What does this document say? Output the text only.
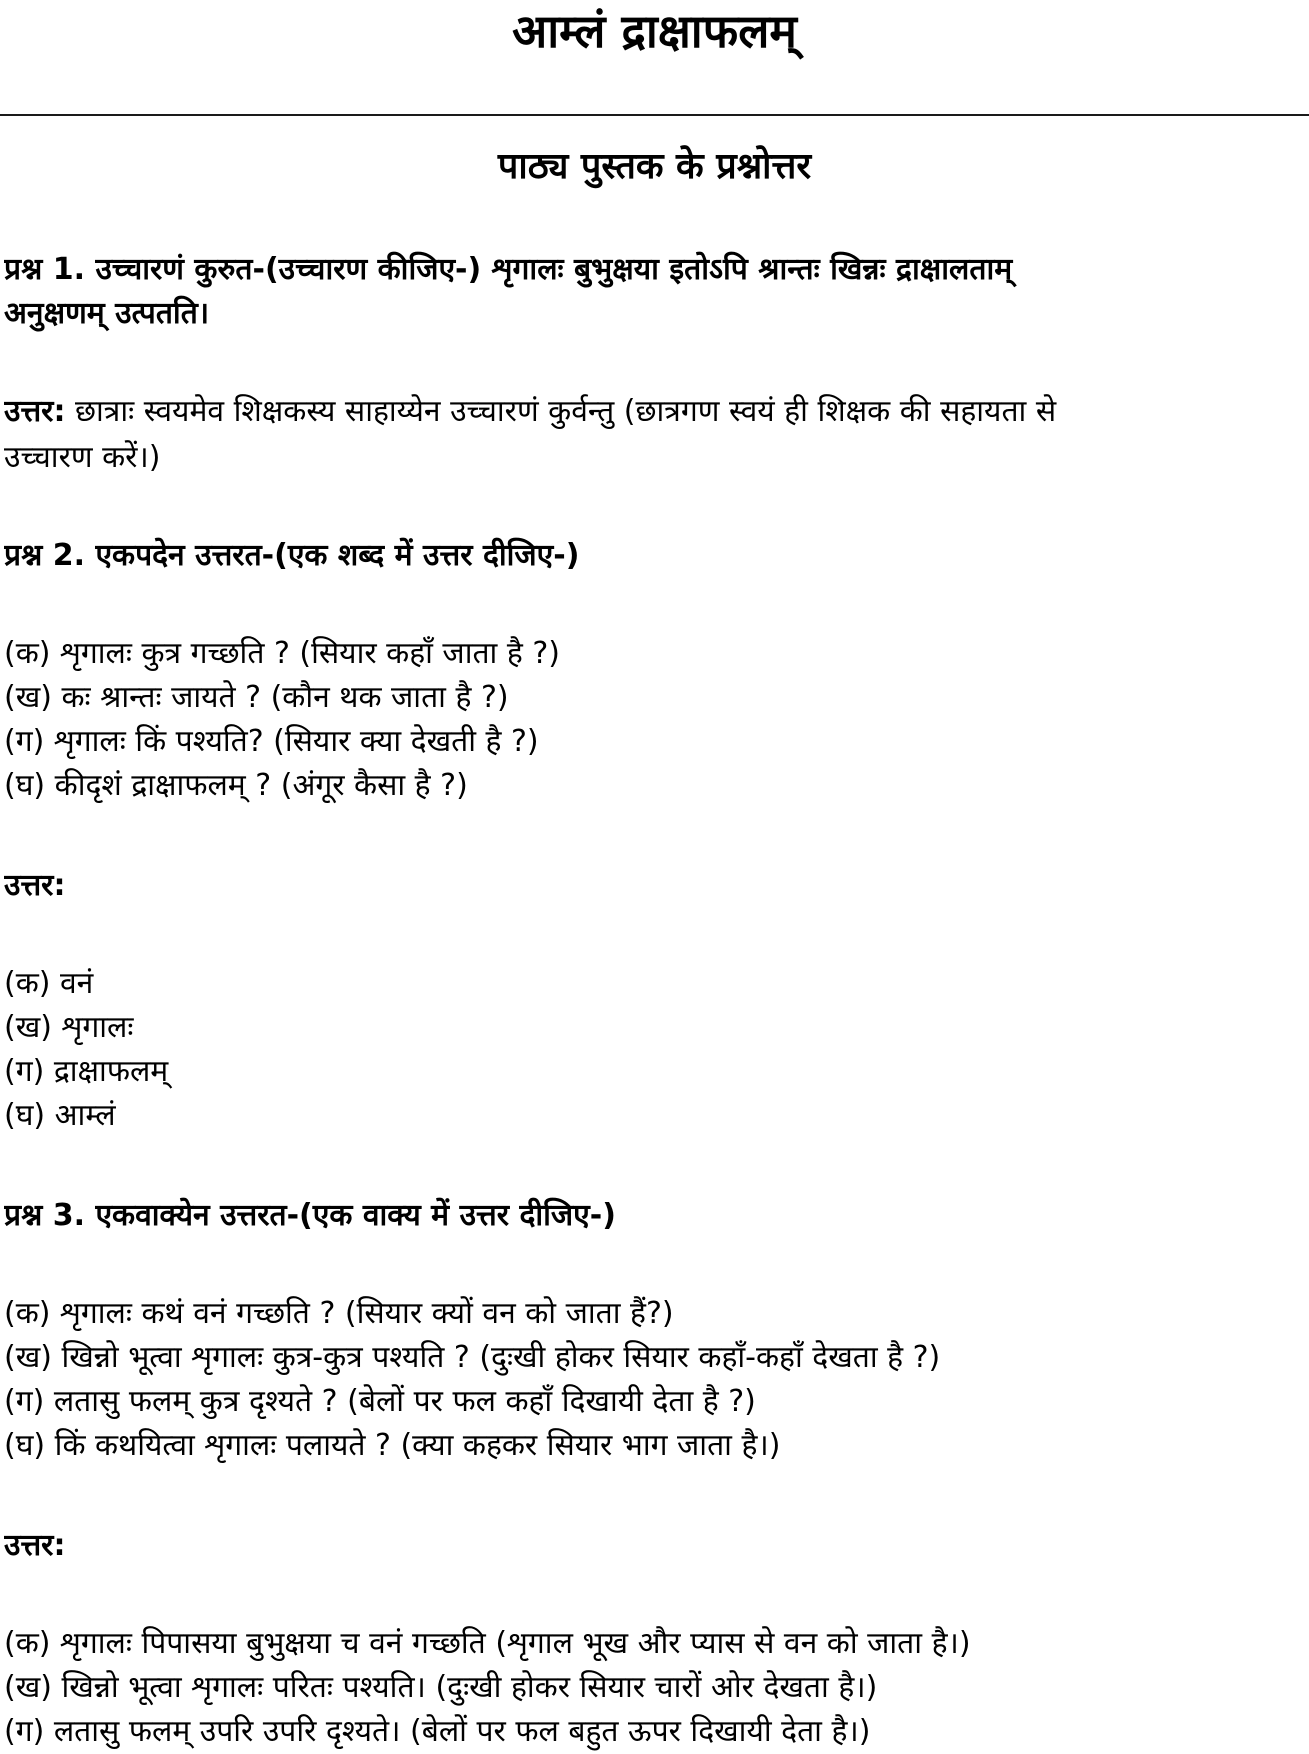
आम्लं द्राक्षाफलम्
पाठ्य पुस्तक के प्रश्नोत्तर
प्रश्न 1. उच्चारणं कुरुत-(उच्चारण कीजिए-) शृगालः बुभुक्षया इतोऽपि श्रान्तः खिन्नः द्राक्षालताम्
अनुक्षणम् उत्पतति।
उत्तर: छात्राः स्वयमेव शिक्षकस्य साहाय्येन उच्चारणं कुर्वन्तु (छात्रगण स्वयं ही शिक्षक की सहायता से
उच्चारण करें।)
प्रश्न 2. एकपदेन उत्तरत-(एक शब्द में उत्तर दीजिए-)
(क) शृगालः कुत्र गच्छति ? (सियार कहाँ जाता है ?)
(ख) कः श्रान्तः जायते ? (कौन थक जाता है ?)
(ग) शृगालः किं पश्यति? (सियार क्या देखती है ?)
(घ) कीदृशं द्राक्षाफलम् ? (अंगूर कैसा है ?)
उत्तर:
(क) वनं
(ख) शृगालः
(ग) द्राक्षाफलम्
(घ) आम्लं
प्रश्न 3. एकवाक्येन उत्तरत-(एक वाक्य में उत्तर दीजिए-)
(क) शृगालः कथं वनं गच्छति ? (सियार क्यों वन को जाता हैं?)
(ख) खिन्नो भूत्वा शृगालः कुत्र-कुत्र पश्यति ? (दुःखी होकर सियार कहाँ-कहाँ देखता है ?)
(ग) लतासु फलम् कुत्र दृश्यते ? (बेलों पर फल कहाँ दिखायी देता है ?)
(घ) किं कथयित्वा शृगालः पलायते ? (क्या कहकर सियार भाग जाता है।)
उत्तर:
(क) शृगालः पिपासया बुभुक्षया च वनं गच्छति (शृगाल भूख और प्यास से वन को जाता है।)
(ख) खिन्नो भूत्वा शृगालः परितः पश्यति। (दुःखी होकर सियार चारों ओर देखता है।)
(ग) लतासु फलम् उपरि उपरि दृश्यते। (बेलों पर फल बहुत ऊपर दिखायी देता है।)
